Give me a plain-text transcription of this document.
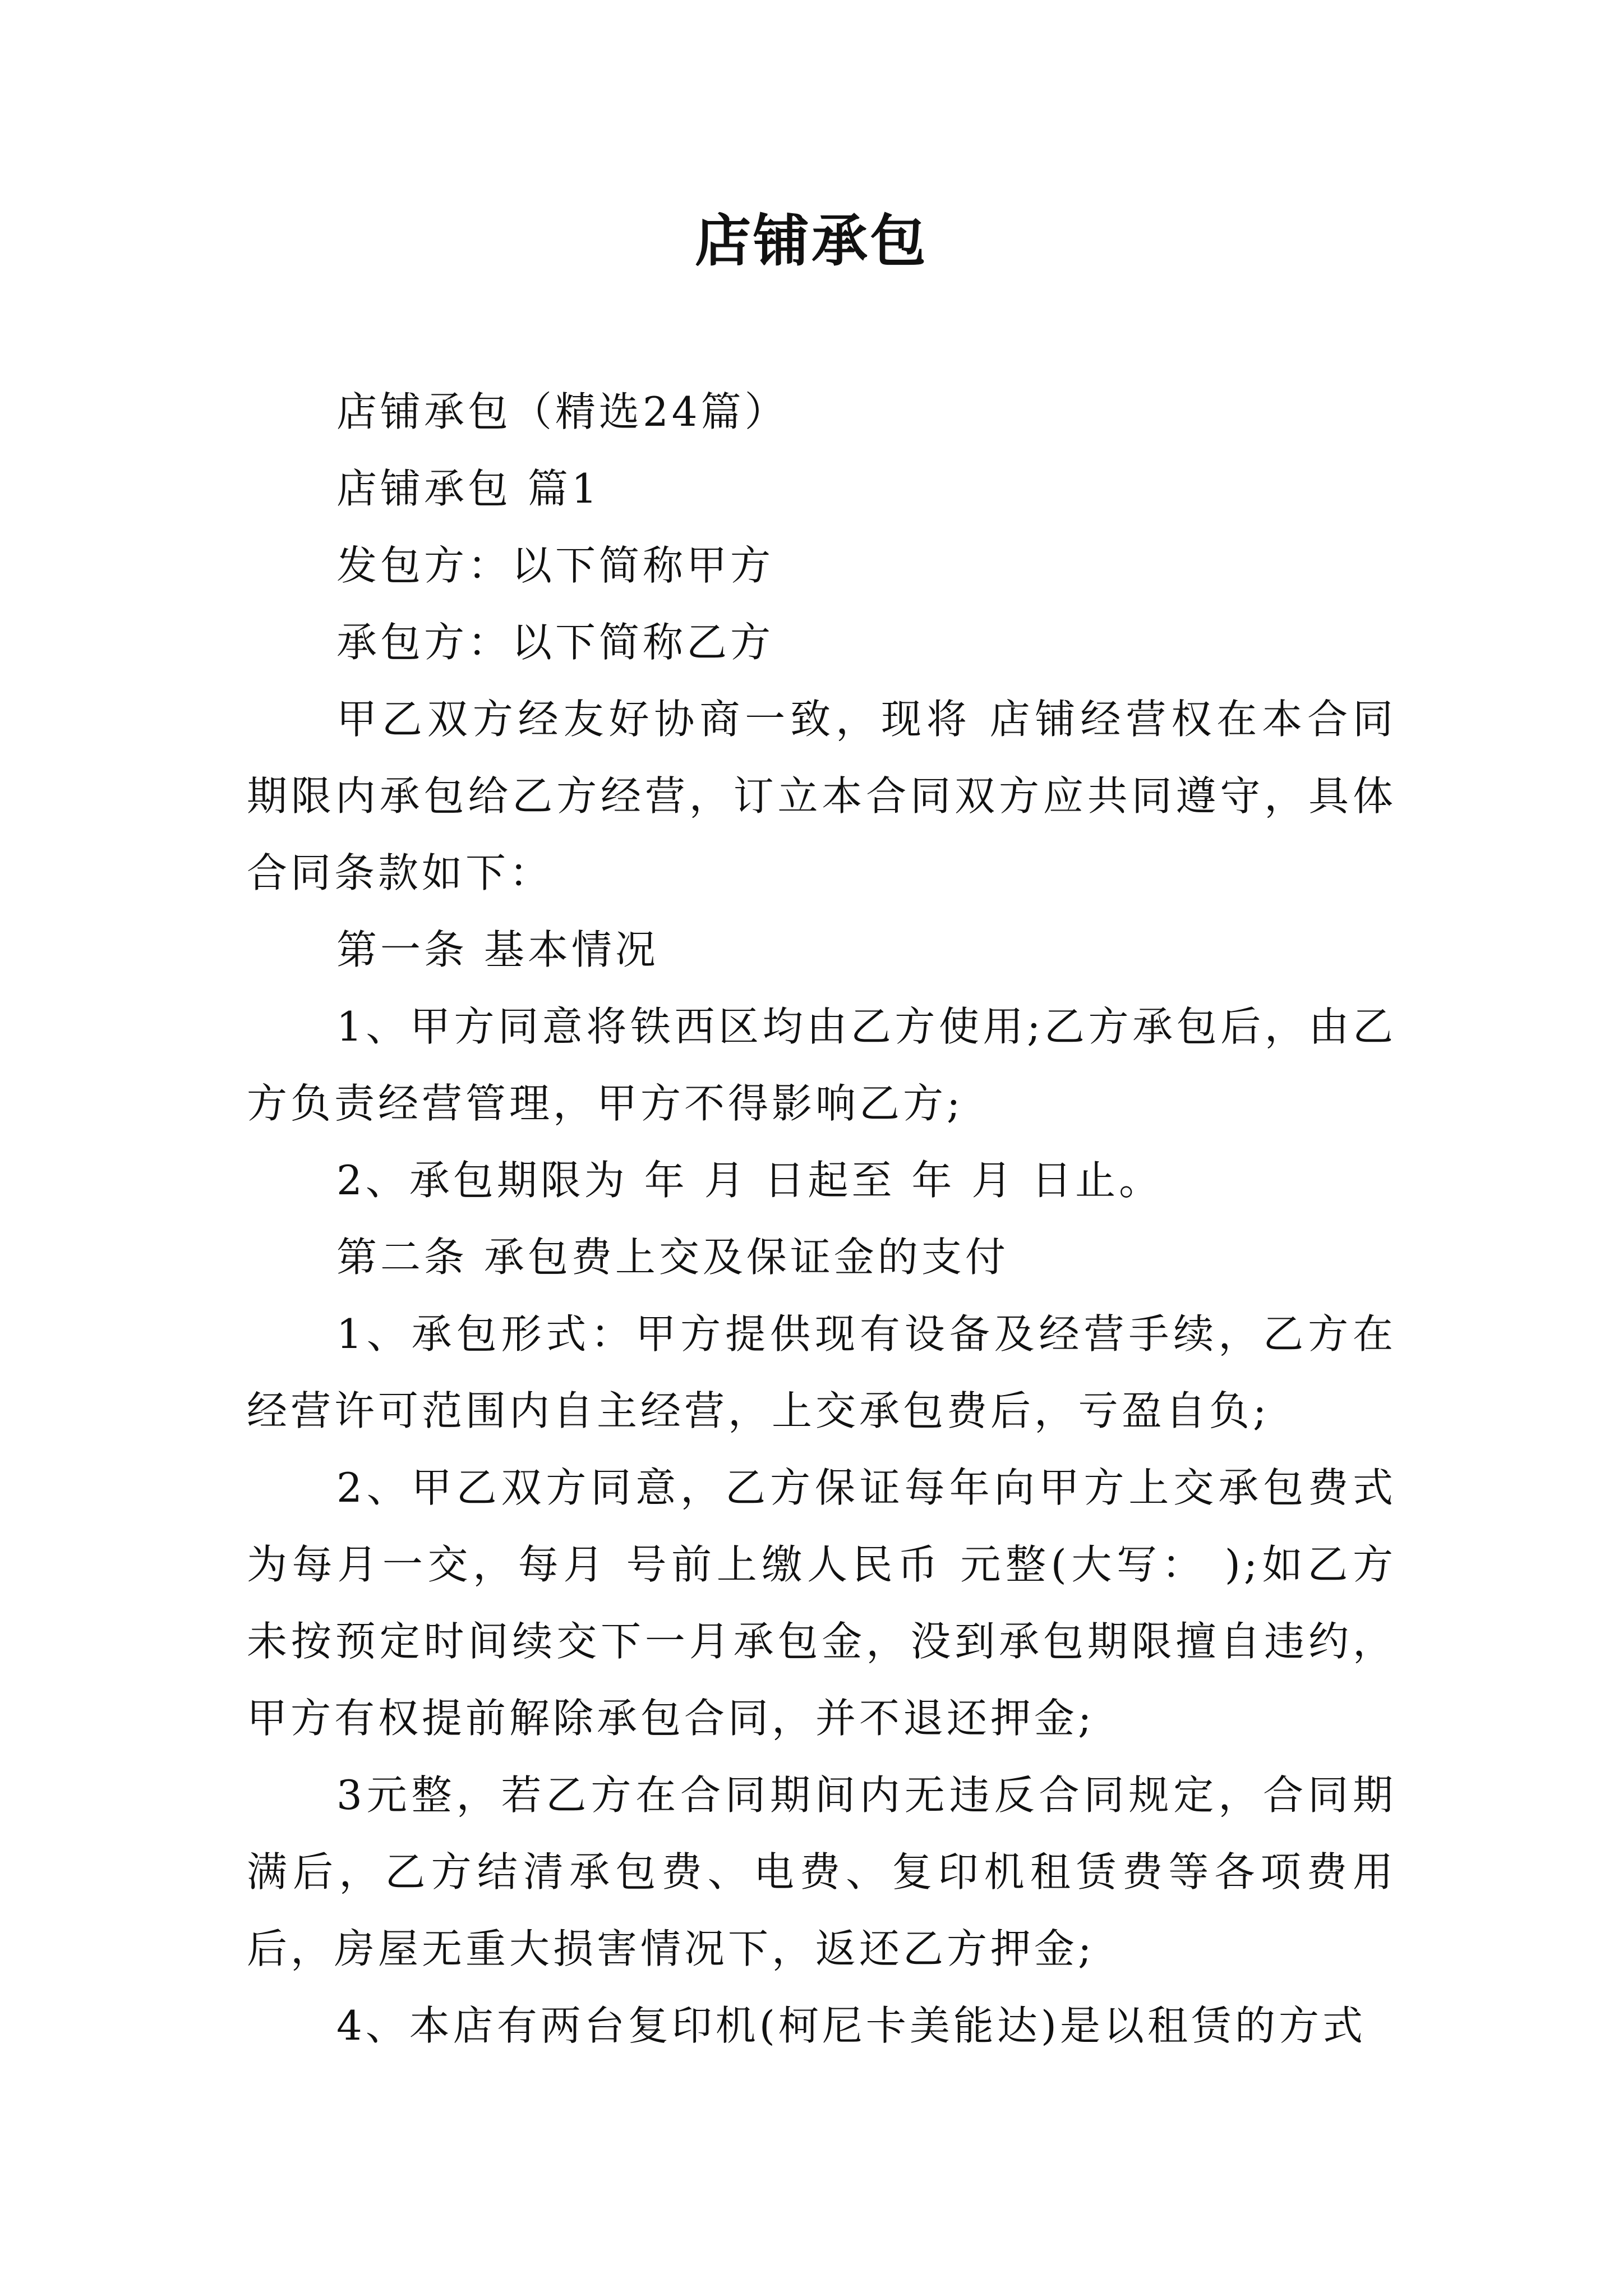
店铺承包

店铺承包（精选24篇）

店铺承包 篇1

发包方：以下简称甲方

承包方：以下简称乙方

甲乙双方经友好协商一致，现将 店铺经营权在本合同期限内承包给乙方经营，订立本合同双方应共同遵守，具体合同条款如下：

第一条 基本情况

1、甲方同意将铁西区均由乙方使用;乙方承包后，由乙方负责经营管理，甲方不得影响乙方;

2、承包期限为 年 月 日起至 年 月 日止。

第二条 承包费上交及保证金的支付

1、承包形式：甲方提供现有设备及经营手续，乙方在经营许可范围内自主经营，上交承包费后，亏盈自负;

2、甲乙双方同意，乙方保证每年向甲方上交承包费式为每月一交，每月 号前上缴人民币 元整(大写： );如乙方未按预定时间续交下一月承包金，没到承包期限擅自违约，甲方有权提前解除承包合同，并不退还押金;

3元整，若乙方在合同期间内无违反合同规定，合同期满后，乙方结清承包费、电费、复印机租赁费等各项费用后，房屋无重大损害情况下，返还乙方押金;

4、本店有两台复印机(柯尼卡美能达)是以租赁的方式
